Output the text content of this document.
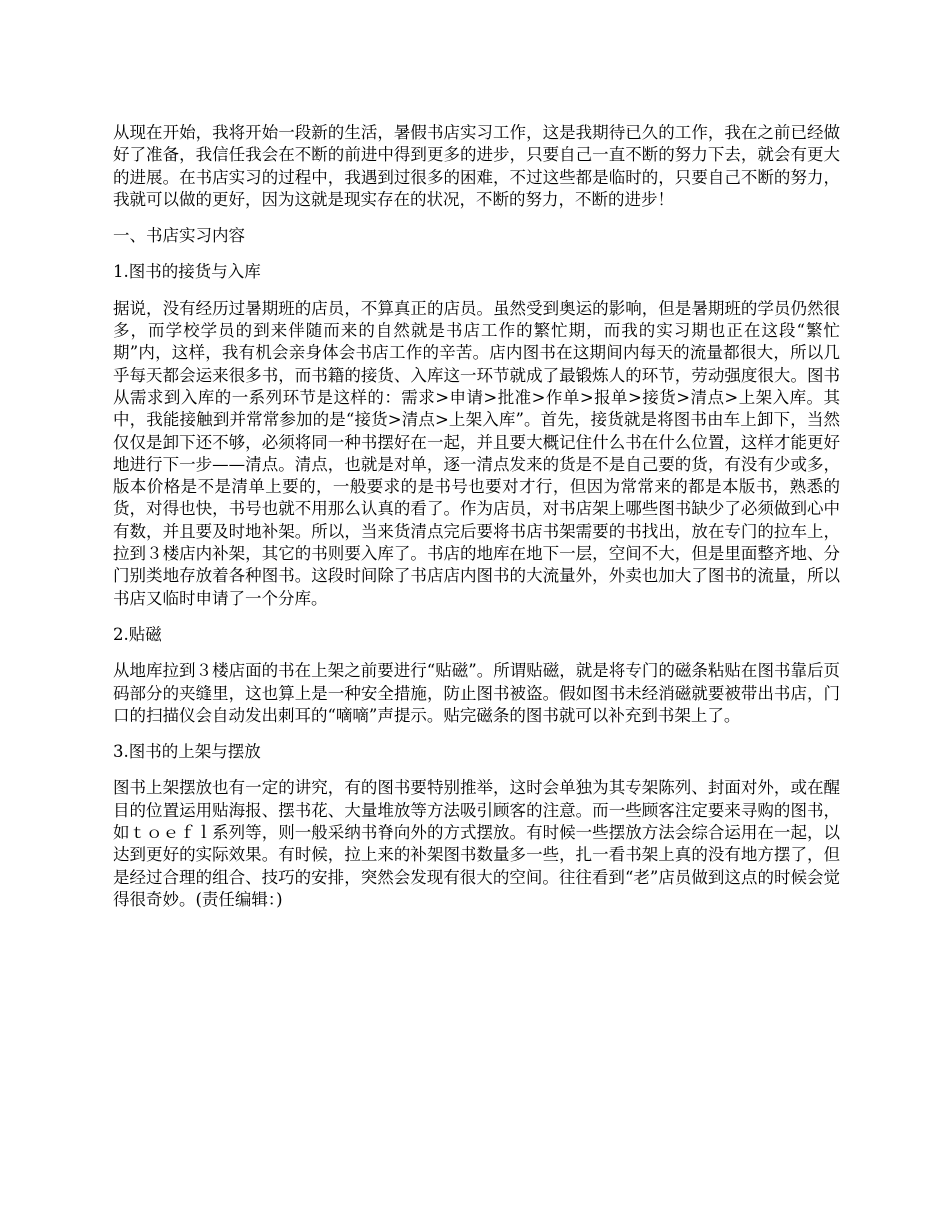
从现在开始，我将开始一段新的生活，暑假书店实习工作，这是我期待已久的工作，我在之前已经做好了准备，我信任我会在不断的前进中得到更多的进步，只要自己一直不断的努力下去，就会有更大的进展。在书店实习的过程中，我遇到过很多的困难，不过这些都是临时的，只要自己不断的努力，我就可以做的更好，因为这就是现实存在的状况，不断的努力，不断的进步！

一、书店实习内容

1.图书的接货与入库

据说，没有经历过暑期班的店员，不算真正的店员。虽然受到奥运的影响，但是暑期班的学员仍然很多，而学校学员的到来伴随而来的自然就是书店工作的繁忙期，而我的实习期也正在这段“繁忙期”内，这样，我有机会亲身体会书店工作的辛苦。店内图书在这期间内每天的流量都很大，所以几乎每天都会运来很多书，而书籍的接货、入库这一环节就成了最锻炼人的环节，劳动强度很大。图书从需求到入库的一系列环节是这样的：需求>申请>批准>作单>报单>接货>清点>上架入库。其中，我能接触到并常常参加的是“接货>清点>上架入库”。首先，接货就是将图书由车上卸下，当然仅仅是卸下还不够，必须将同一种书摆好在一起，并且要大概记住什么书在什么位置，这样才能更好地进行下一步——清点。清点，也就是对单，逐一清点发来的货是不是自己要的货，有没有少或多，版本价格是不是清单上要的，一般要求的是书号也要对才行，但因为常常来的都是本版书，熟悉的货，对得也快，书号也就不用那么认真的看了。作为店员，对书店架上哪些图书缺少了必须做到心中有数，并且要及时地补架。所以，当来货清点完后要将书店书架需要的书找出，放在专门的拉车上，拉到３楼店内补架，其它的书则要入库了。书店的地库在地下一层，空间不大，但是里面整齐地、分门别类地存放着各种图书。这段时间除了书店店内图书的大流量外，外卖也加大了图书的流量，所以书店又临时申请了一个分库。

2.贴磁

从地库拉到３楼店面的书在上架之前要进行“贴磁”。所谓贴磁，就是将专门的磁条粘贴在图书靠后页码部分的夹缝里，这也算上是一种安全措施，防止图书被盗。假如图书未经消磁就要被带出书店，门口的扫描仪会自动发出刺耳的“嘀嘀”声提示。贴完磁条的图书就可以补充到书架上了。

3.图书的上架与摆放

图书上架摆放也有一定的讲究，有的图书要特别推举，这时会单独为其专架陈列、封面对外，或在醒目的位置运用贴海报、摆书花、大量堆放等方法吸引顾客的注意。而一些顾客注定要来寻购的图书，如ｔｏｅｆｌ系列等，则一般采纳书脊向外的方式摆放。有时候一些摆放方法会综合运用在一起，以达到更好的实际效果。有时候，拉上来的补架图书数量多一些，扎一看书架上真的没有地方摆了，但是经过合理的组合、技巧的安排，突然会发现有很大的空间。往往看到“老”店员做到这点的时候会觉得很奇妙。(责任编辑：)
